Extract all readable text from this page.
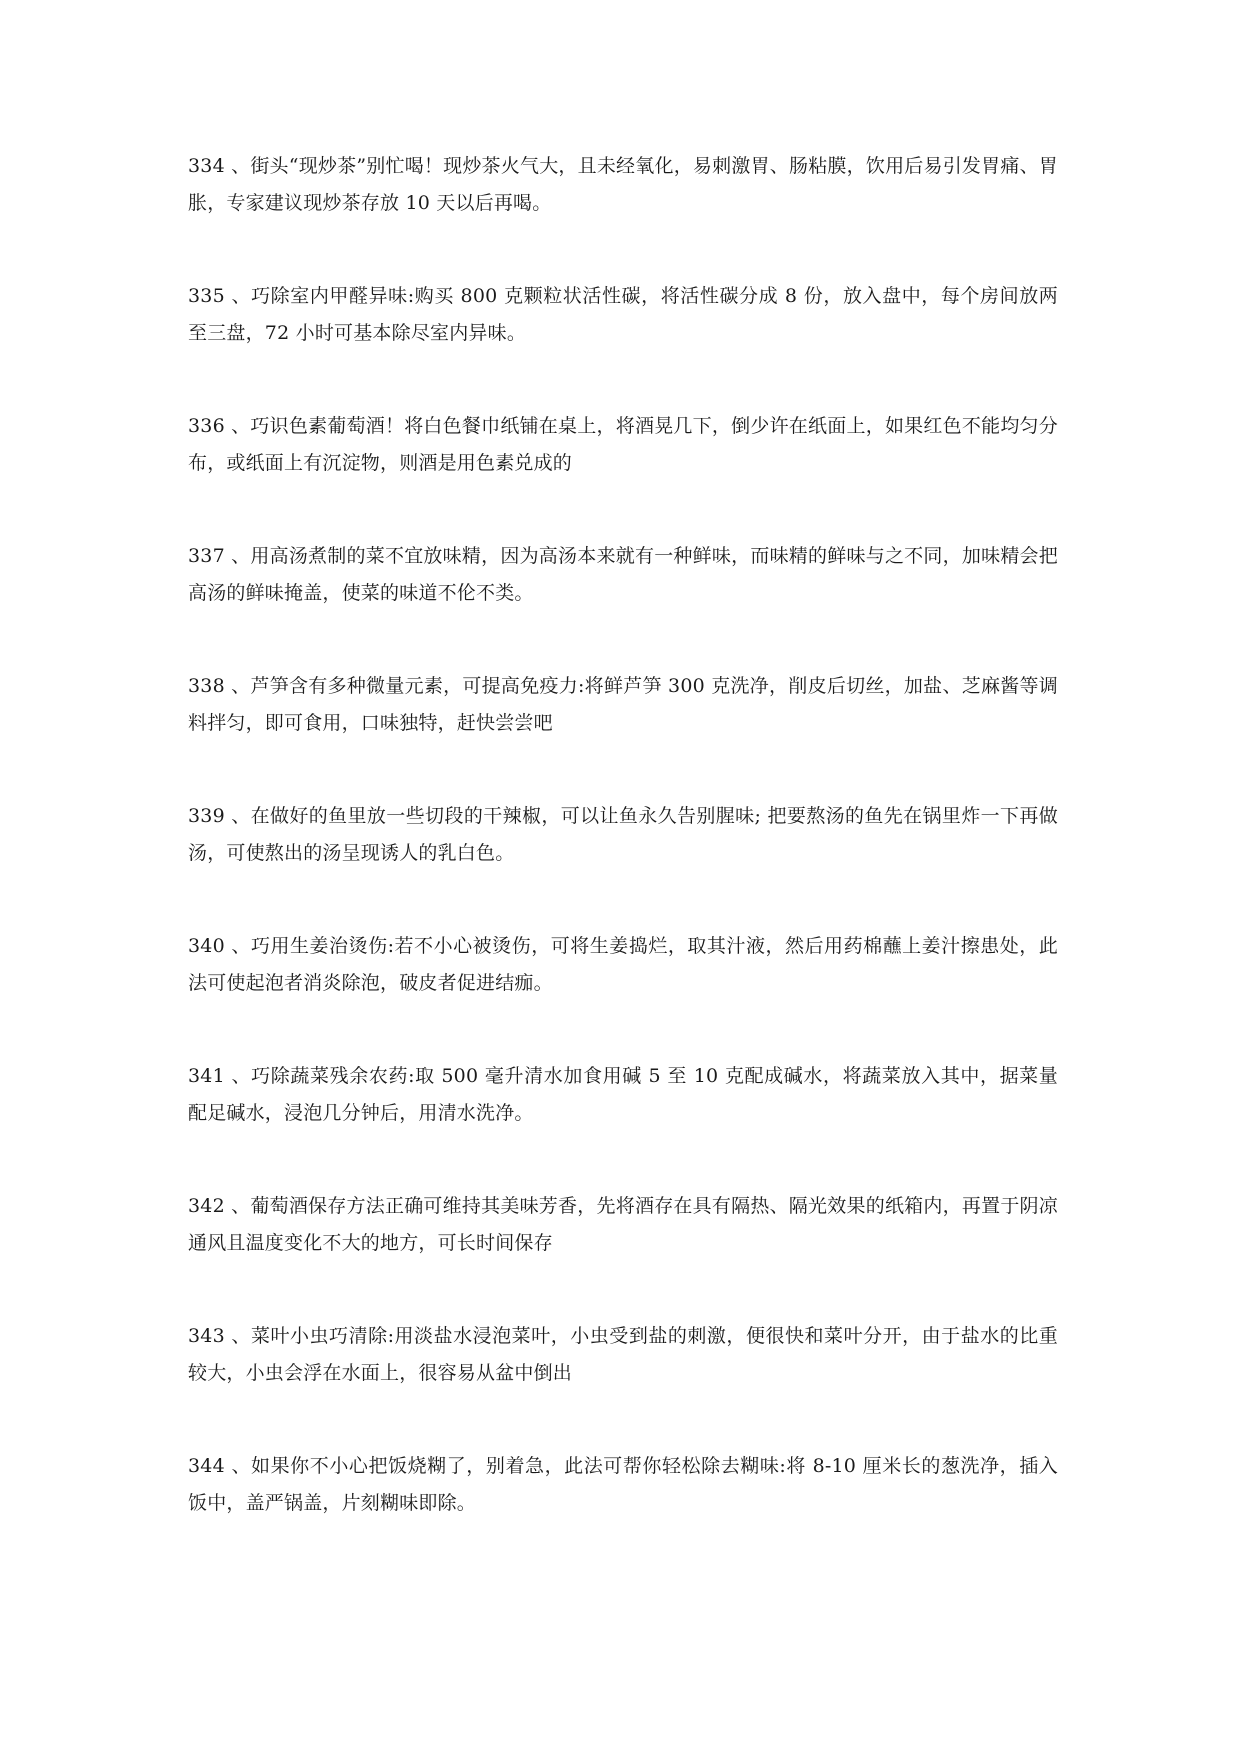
334 、街头“现炒茶”别忙喝！现炒茶火气大，且未经氧化，易刺激胃、肠粘膜，饮用后易引发胃痛、胃胀，专家建议现炒茶存放 10 天以后再喝。
335 、巧除室内甲醛异味:购买 800 克颗粒状活性碳，将活性碳分成 8 份，放入盘中，每个房间放两至三盘，72 小时可基本除尽室内异味。
336 、巧识色素葡萄酒！将白色餐巾纸铺在桌上，将酒晃几下，倒少许在纸面上，如果红色不能均匀分布，或纸面上有沉淀物，则酒是用色素兑成的
337 、用高汤煮制的菜不宜放味精，因为高汤本来就有一种鲜味，而味精的鲜味与之不同，加味精会把高汤的鲜味掩盖，使菜的味道不伦不类。
338 、芦笋含有多种微量元素，可提高免疫力:将鲜芦笋 300 克洗净，削皮后切丝，加盐、芝麻酱等调料拌匀，即可食用，口味独特，赶快尝尝吧
339 、在做好的鱼里放一些切段的干辣椒，可以让鱼永久告别腥味; 把要熬汤的鱼先在锅里炸一下再做汤，可使熬出的汤呈现诱人的乳白色。
340 、巧用生姜治烫伤:若不小心被烫伤，可将生姜捣烂，取其汁液，然后用药棉蘸上姜汁擦患处，此法可使起泡者消炎除泡，破皮者促进结痂。
341 、巧除蔬菜残余农药:取 500 毫升清水加食用碱 5 至 10 克配成碱水，将蔬菜放入其中，据菜量配足碱水，浸泡几分钟后，用清水洗净。
342 、葡萄酒保存方法正确可维持其美味芳香，先将酒存在具有隔热、隔光效果的纸箱内，再置于阴凉通风且温度变化不大的地方，可长时间保存
343 、菜叶小虫巧清除:用淡盐水浸泡菜叶，小虫受到盐的刺激，便很快和菜叶分开，由于盐水的比重较大，小虫会浮在水面上，很容易从盆中倒出
344 、如果你不小心把饭烧糊了，别着急，此法可帮你轻松除去糊味:将 8-10 厘米长的葱洗净，插入饭中，盖严锅盖，片刻糊味即除。
